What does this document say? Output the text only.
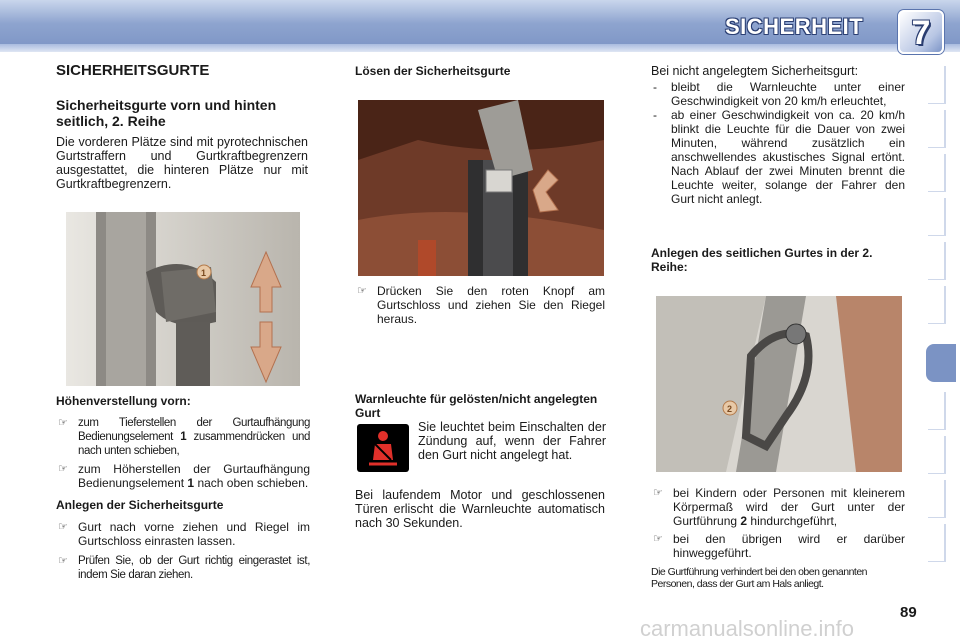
SICHERHEIT	7
SICHERHEITSGURTE
Sicherheitsgurte vorn und hinten seitlich, 2. Reihe

Die vorderen Plätze sind mit pyrotechnischen Gurtstraffern und Gurtkraftbegrenzern ausgestattet, die hinteren Plätze nur mit Gurtkraftbegrenzern.

1
Höhenverstellung vorn:
☞ zum Tieferstellen der Gurtaufhängung Bedienungselement 1 zusammendrücken und nach unten schieben,
☞ zum Höherstellen der Gurtaufhängung Bedienungselement 1 nach oben schieben.
Anlegen der Sicherheitsgurte
☞ Gurt nach vorne ziehen und Riegel im Gurtschloss einrasten lassen.
☞ Prüfen Sie, ob der Gurt richtig eingerastet ist, indem Sie daran ziehen.
Lösen der Sicherheitsgurte
☞ Drücken Sie den roten Knopf am Gurtschloss und ziehen Sie den Riegel heraus.
Warnleuchte für gelösten/nicht angelegten Gurt

Sie leuchtet beim Einschalten der Zündung auf, wenn der Fahrer den Gurt nicht angelegt hat.

Bei laufendem Motor und geschlossenen Türen erlischt die Warnleuchte automatisch nach 30 Sekunden.

Bei nicht angelegtem Sicherheitsgurt:

- bleibt die Warnleuchte unter einer Geschwindigkeit von 20 km/h erleuchtet,
- ab einer Geschwindigkeit von ca. 20 km/h blinkt die Leuchte für die Dauer von zwei Minuten, während zusätzlich ein anschwellendes akustisches Signal ertönt. Nach Ablauf der zwei Minuten brennt die Leuchte weiter, solange der Fahrer den Gurt nicht anlegt.
Anlegen des seitlichen Gurtes in der 2. Reihe:
2
☞ bei Kindern oder Personen mit kleinerem Körpermaß wird der Gurt unter der Gurtführung 2 hindurchgeführt,
☞ bei den übrigen wird er darüber hinweggeführt.

Die Gurtführung verhindert bei den oben genannten Personen, dass der Gurt am Hals anliegt.

89
carmanualsonline.info
